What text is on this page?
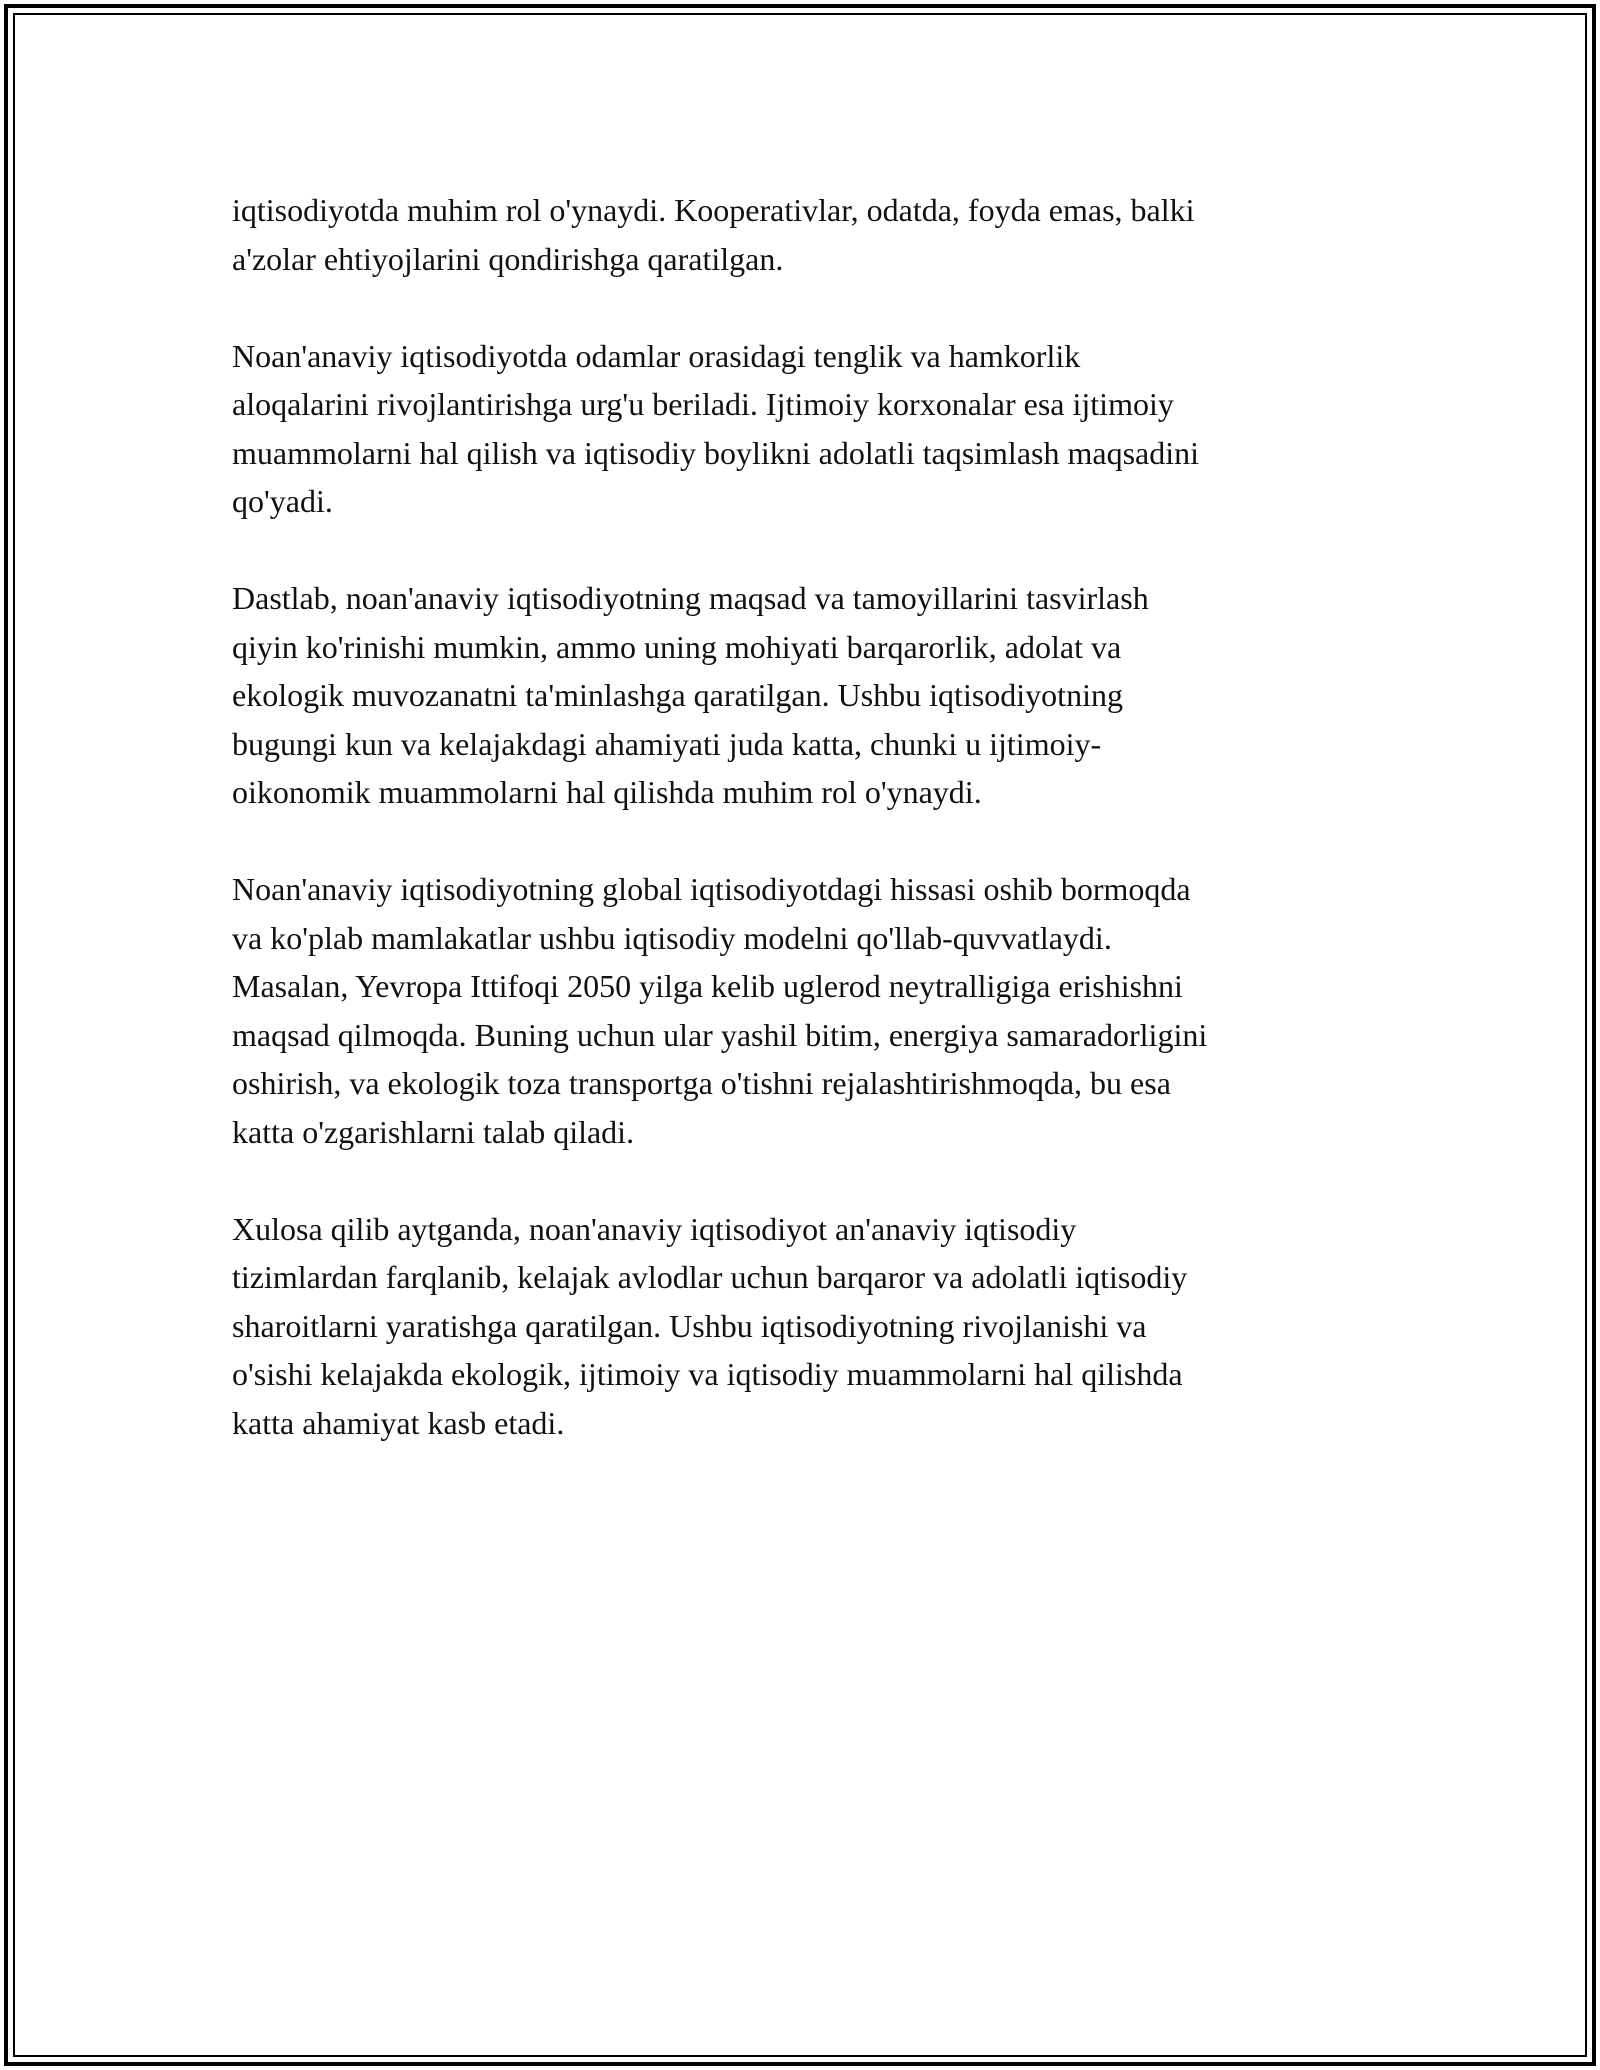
iqtisodiyotda muhim rol o'ynaydi. Kooperativlar, odatda, foyda emas, balki
a'zolar ehtiyojlarini qondirishga qaratilgan.

Noan'anaviy iqtisodiyotda odamlar orasidagi tenglik va hamkorlik
aloqalarini rivojlantirishga urg'u beriladi. Ijtimoiy korxonalar esa ijtimoiy
muammolarni hal qilish va iqtisodiy boylikni adolatli taqsimlash maqsadini
qo'yadi.

Dastlab, noan'anaviy iqtisodiyotning maqsad va tamoyillarini tasvirlash
qiyin ko'rinishi mumkin, ammo uning mohiyati barqarorlik, adolat va
ekologik muvozanatni ta'minlashga qaratilgan. Ushbu iqtisodiyotning
bugungi kun va kelajakdagi ahamiyati juda katta, chunki u ijtimoiy-
oikonomik muammolarni hal qilishda muhim rol o'ynaydi.

Noan'anaviy iqtisodiyotning global iqtisodiyotdagi hissasi oshib bormoqda
va ko'plab mamlakatlar ushbu iqtisodiy modelni qo'llab-quvvatlaydi.
Masalan, Yevropa Ittifoqi 2050 yilga kelib uglerod neytralligiga erishishni
maqsad qilmoqda. Buning uchun ular yashil bitim, energiya samaradorligini
oshirish, va ekologik toza transportga o'tishni rejalashtirishmoqda, bu esa
katta o'zgarishlarni talab qiladi.

Xulosa qilib aytganda, noan'anaviy iqtisodiyot an'anaviy iqtisodiy
tizimlardan farqlanib, kelajak avlodlar uchun barqaror va adolatli iqtisodiy
sharoitlarni yaratishga qaratilgan. Ushbu iqtisodiyotning rivojlanishi va
o'sishi kelajakda ekologik, ijtimoiy va iqtisodiy muammolarni hal qilishda
katta ahamiyat kasb etadi.
